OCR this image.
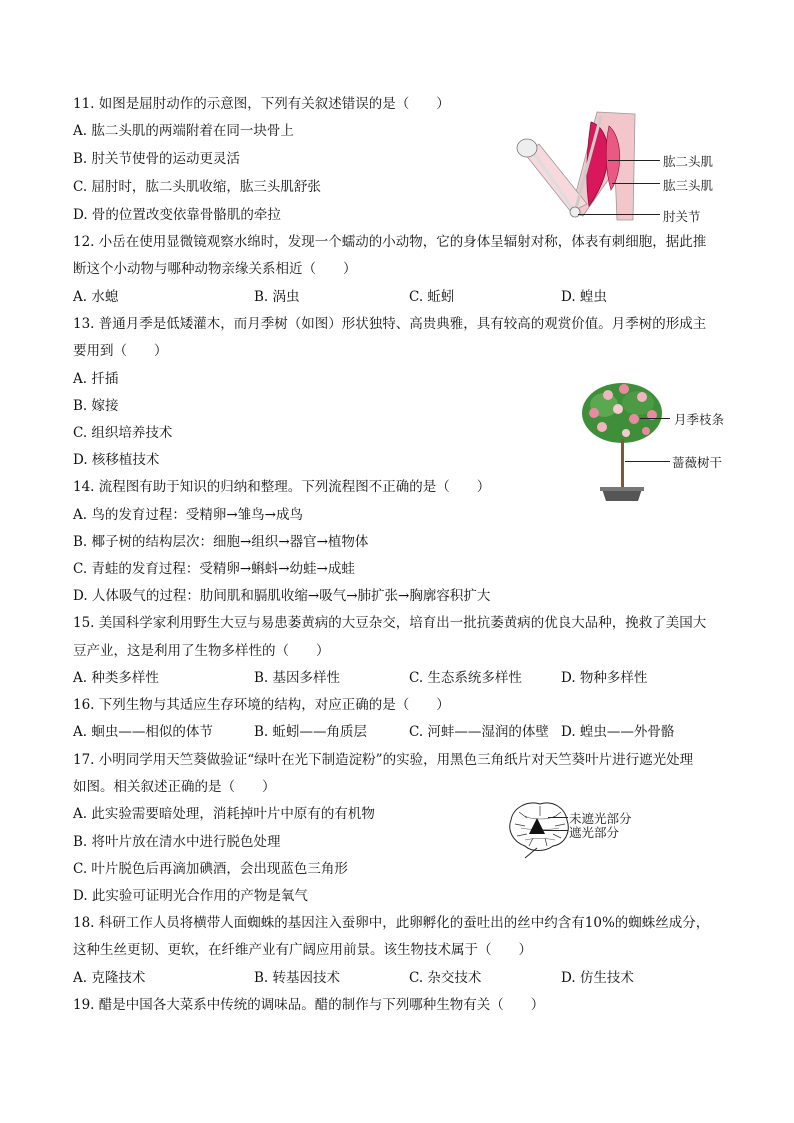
11. 如图是屈肘动作的示意图，下列有关叙述错误的是（　　）
A. 肱二头肌的两端附着在同一块骨上
B. 肘关节使骨的运动更灵活
C. 屈肘时，肱二头肌收缩，肱三头肌舒张
D. 骨的位置改变依靠骨骼肌的牵拉
肱二头肌
肱三头肌
肘关节
12. 小岳在使用显微镜观察水绵时，发现一个蠕动的小动物，它的身体呈辐射对称，体表有刺细胞，据此推
断这个小动物与哪种动物亲缘关系相近（　　）
A. 水螅	B. 涡虫	C. 蚯蚓	D. 蝗虫
13. 普通月季是低矮灌木，而月季树（如图）形状独特、高贵典雅，具有较高的观赏价值。月季树的形成主
要用到（　　）
A. 扦插
B. 嫁接
C. 组织培养技术
D. 核移植技术
月季枝条
蔷薇树干
14. 流程图有助于知识的归纳和整理。下列流程图不正确的是（　　）
A. 鸟的发育过程：受精卵→雏鸟→成鸟
B. 椰子树的结构层次：细胞→组织→器官→植物体
C. 青蛙的发育过程：受精卵→蝌蚪→幼蛙→成蛙
D. 人体吸气的过程：肋间肌和膈肌收缩→吸气→肺扩张→胸廓容积扩大
15. 美国科学家利用野生大豆与易患萎黄病的大豆杂交，培育出一批抗萎黄病的优良大品种，挽救了美国大
豆产业，这是利用了生物多样性的（　　）
A. 种类多样性	B. 基因多样性	C. 生态系统多样性	D. 物种多样性
16. 下列生物与其适应生存环境的结构，对应正确的是（　　）
A. 蛔虫——相似的体节	B. 蚯蚓——角质层	C. 河蚌——湿润的体壁 D. 蝗虫——外骨骼
17. 小明同学用天竺葵做验证“绿叶在光下制造淀粉”的实验，用黑色三角纸片对天竺葵叶片进行遮光处理
如图。相关叙述正确的是（　　）
A. 此实验需要暗处理，消耗掉叶片中原有的有机物
B. 将叶片放在清水中进行脱色处理
C. 叶片脱色后再滴加碘酒，会出现蓝色三角形
D. 此实验可证明光合作用的产物是氧气
未遮光部分
遮光部分
18. 科研工作人员将横带人面蜘蛛的基因注入蚕卵中，此卵孵化的蚕吐出的丝中约含有10%的蜘蛛丝成分，
这种生丝更韧、更软，在纤维产业有广阔应用前景。该生物技术属于（　　）
A. 克隆技术	B. 转基因技术	C. 杂交技术	D. 仿生技术
19. 醋是中国各大菜系中传统的调味品。醋的制作与下列哪种生物有关（　　）
